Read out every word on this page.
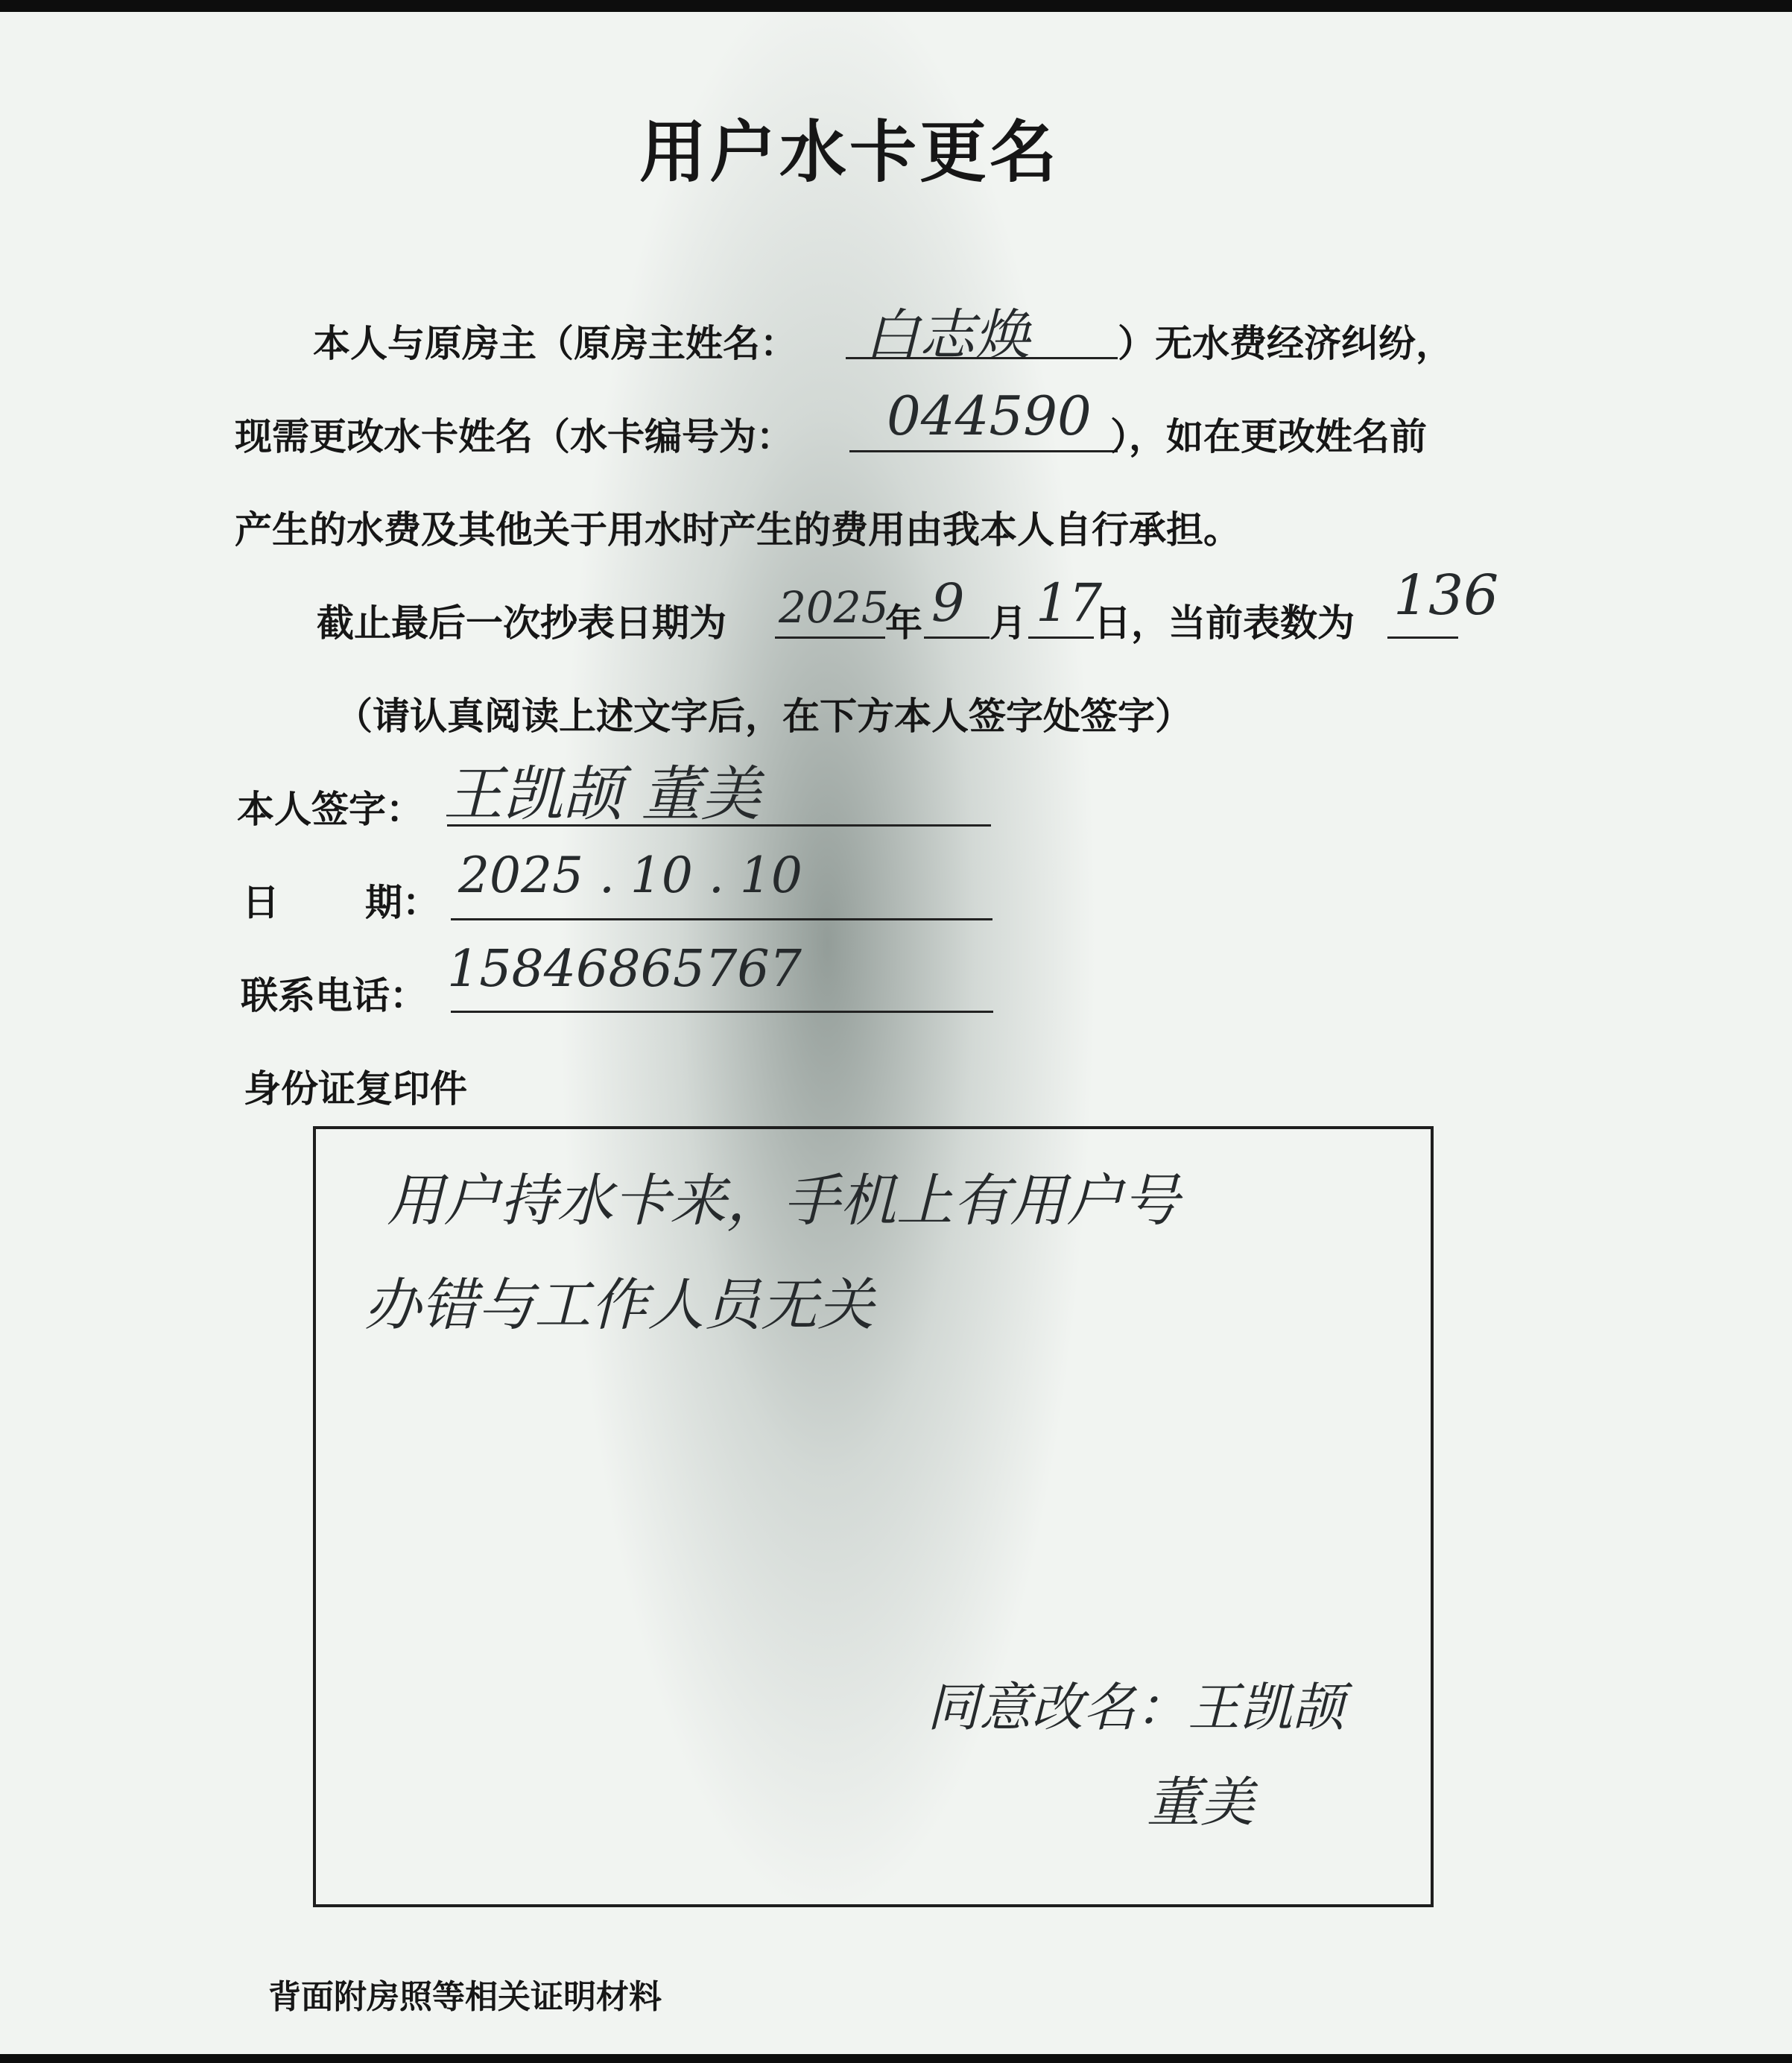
用户水卡更名
本人与原房主（原房主姓名： 白志焕 ）无水费经济纠纷，
现需更改水卡姓名（水卡编号为： 044590 ），如在更改姓名前
产生的水费及其他关于用水时产生的费用由我本人自行承担。
截止最后一次抄表日期为 2025
年 9 月 17
日，当前表数为 136
（请认真阅读上述文字后，在下方本人签字处签字）
本人签字： 王凯颉 董美
日 期： 2025 . 10 . 10
联系电话： 15846865767
身份证复印件
用户持水卡来，手机上有用户号
办错与工作人员无关
同意改名：王凯颉
董美
背面附房照等相关证明材料
